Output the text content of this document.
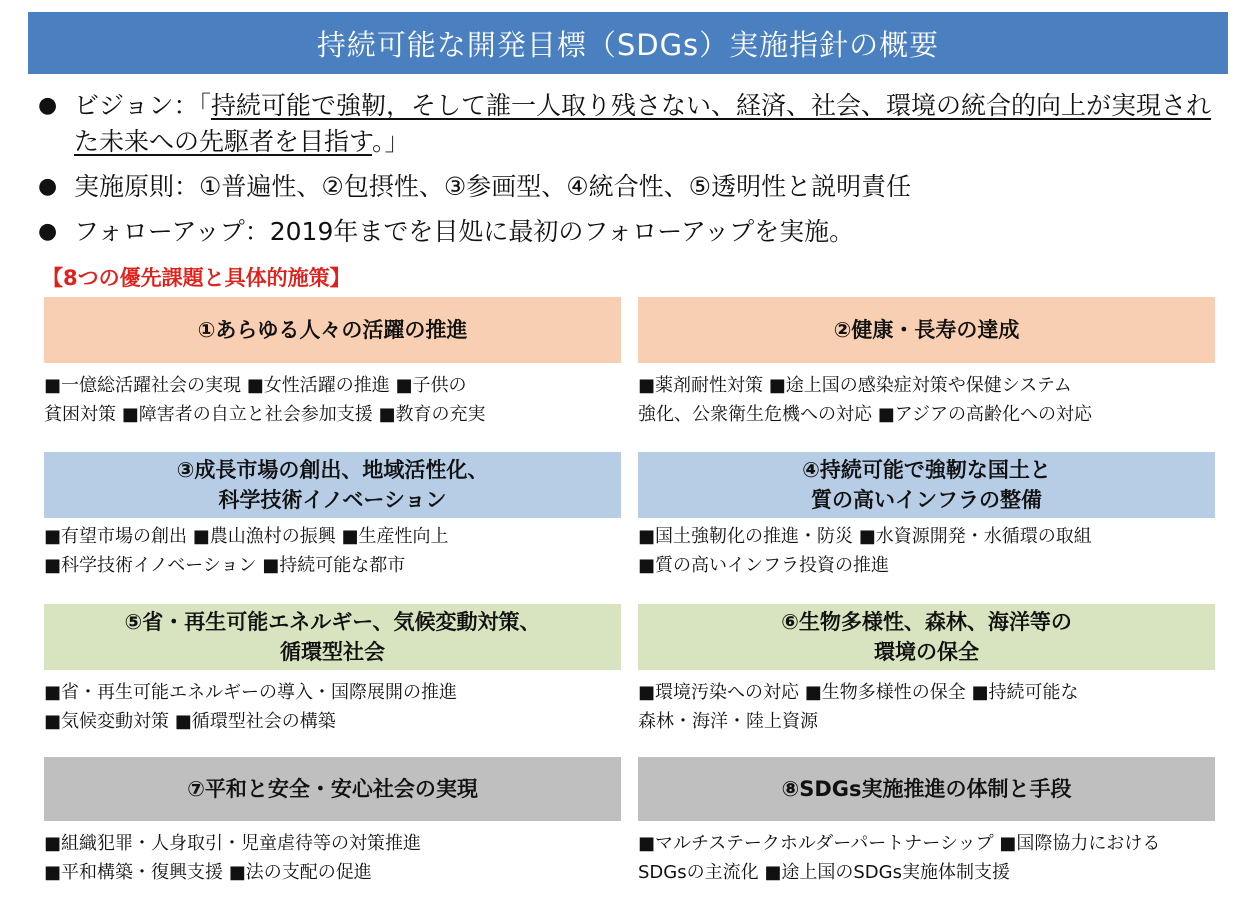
持続可能な開発目標（SDGs）実施指針の概要
● ビジョン：「持続可能で強靭，そして誰一人取り残さない、経済、社会、環境の統合的向上が実現された未来への先駆者を目指す。」
● 実施原則：①普遍性、②包摂性、③参画型、④統合性、⑤透明性と説明責任
● フォローアップ：2019年までを目処に最初のフォローアップを実施。
【8つの優先課題と具体的施策】
①あらゆる人々の活躍の推進
■一億総活躍社会の実現 ■女性活躍の推進 ■子供の
貧困対策 ■障害者の自立と社会参加支援 ■教育の充実
②健康・長寿の達成
■薬剤耐性対策 ■途上国の感染症対策や保健システム
強化、公衆衛生危機への対応 ■アジアの高齢化への対応
③成長市場の創出、地域活性化、
科学技術イノベーション
■有望市場の創出 ■農山漁村の振興 ■生産性向上
■科学技術イノベーション ■持続可能な都市
④持続可能で強靭な国土と
質の高いインフラの整備
■国土強靭化の推進・防災 ■水資源開発・水循環の取組
■質の高いインフラ投資の推進
⑤省・再生可能エネルギー、気候変動対策、
循環型社会
■省・再生可能エネルギーの導入・国際展開の推進
■気候変動対策 ■循環型社会の構築
⑥生物多様性、森林、海洋等の
環境の保全
■環境汚染への対応 ■生物多様性の保全 ■持続可能な
森林・海洋・陸上資源
⑦平和と安全・安心社会の実現
■組織犯罪・人身取引・児童虐待等の対策推進
■平和構築・復興支援 ■法の支配の促進
⑧SDGs実施推進の体制と手段
■マルチステークホルダーパートナーシップ ■国際協力における
SDGsの主流化 ■途上国のSDGs実施体制支援
